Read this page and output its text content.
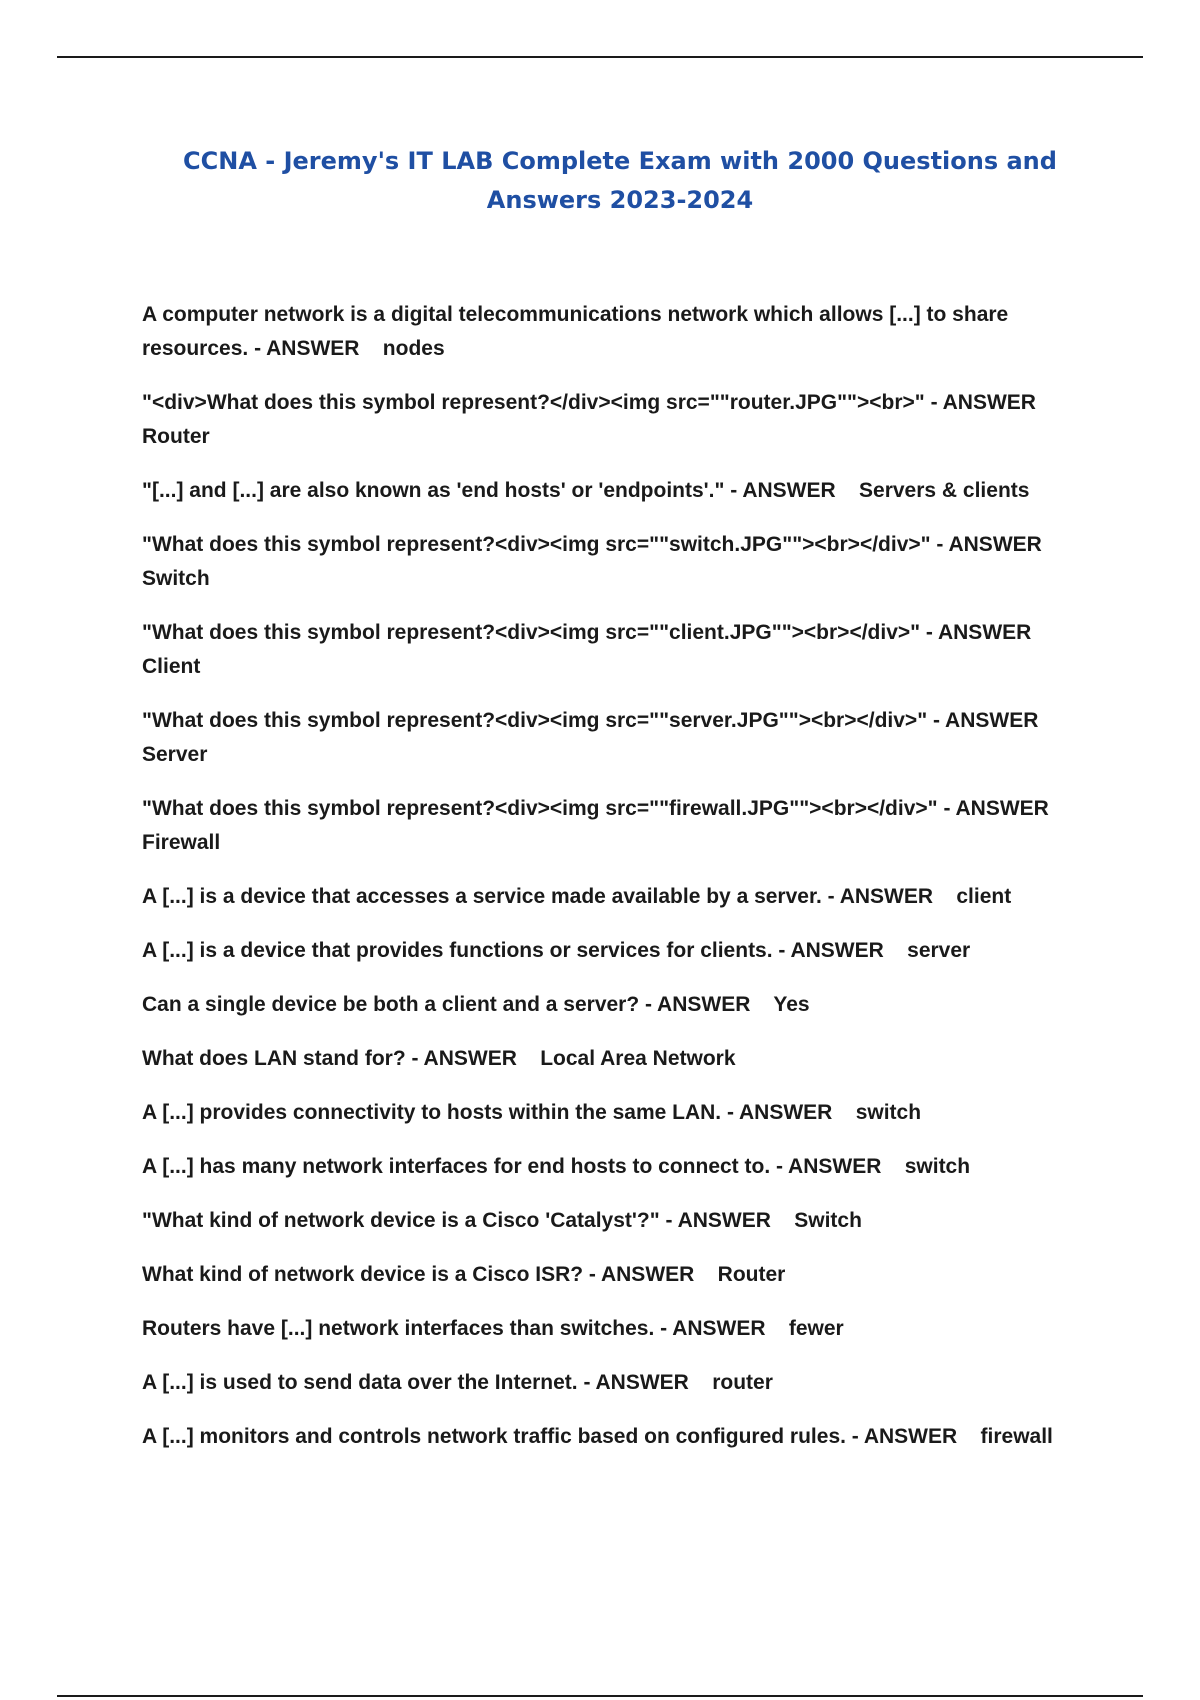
CCNA - Jeremy's IT LAB Complete Exam with 2000 Questions and Answers 2023-2024
A computer network is a digital telecommunications network which allows [...] to share resources. - ANSWER nodes
"<div>What does this symbol represent?</div><img src=""router.JPG""><br>" - ANSWER Router
"[...] and [...] are also known as 'end hosts' or 'endpoints'." - ANSWER Servers & clients
"What does this symbol represent?<div><img src=""switch.JPG""><br></div>" - ANSWER Switch
"What does this symbol represent?<div><img src=""client.JPG""><br></div>" - ANSWER Client
"What does this symbol represent?<div><img src=""server.JPG""><br></div>" - ANSWER Server
"What does this symbol represent?<div><img src=""firewall.JPG""><br></div>" - ANSWER Firewall
A [...] is a device that accesses a service made available by a server. - ANSWER client
A [...] is a device that provides functions or services for clients. - ANSWER server
Can a single device be both a client and a server? - ANSWER Yes
What does LAN stand for? - ANSWER Local Area Network
A [...] provides connectivity to hosts within the same LAN. - ANSWER switch
A [...] has many network interfaces for end hosts to connect to. - ANSWER switch
"What kind of network device is a Cisco 'Catalyst'?" - ANSWER Switch
What kind of network device is a Cisco ISR? - ANSWER Router
Routers have [...] network interfaces than switches. - ANSWER fewer
A [...] is used to send data over the Internet. - ANSWER router
A [...] monitors and controls network traffic based on configured rules. - ANSWER firewall
